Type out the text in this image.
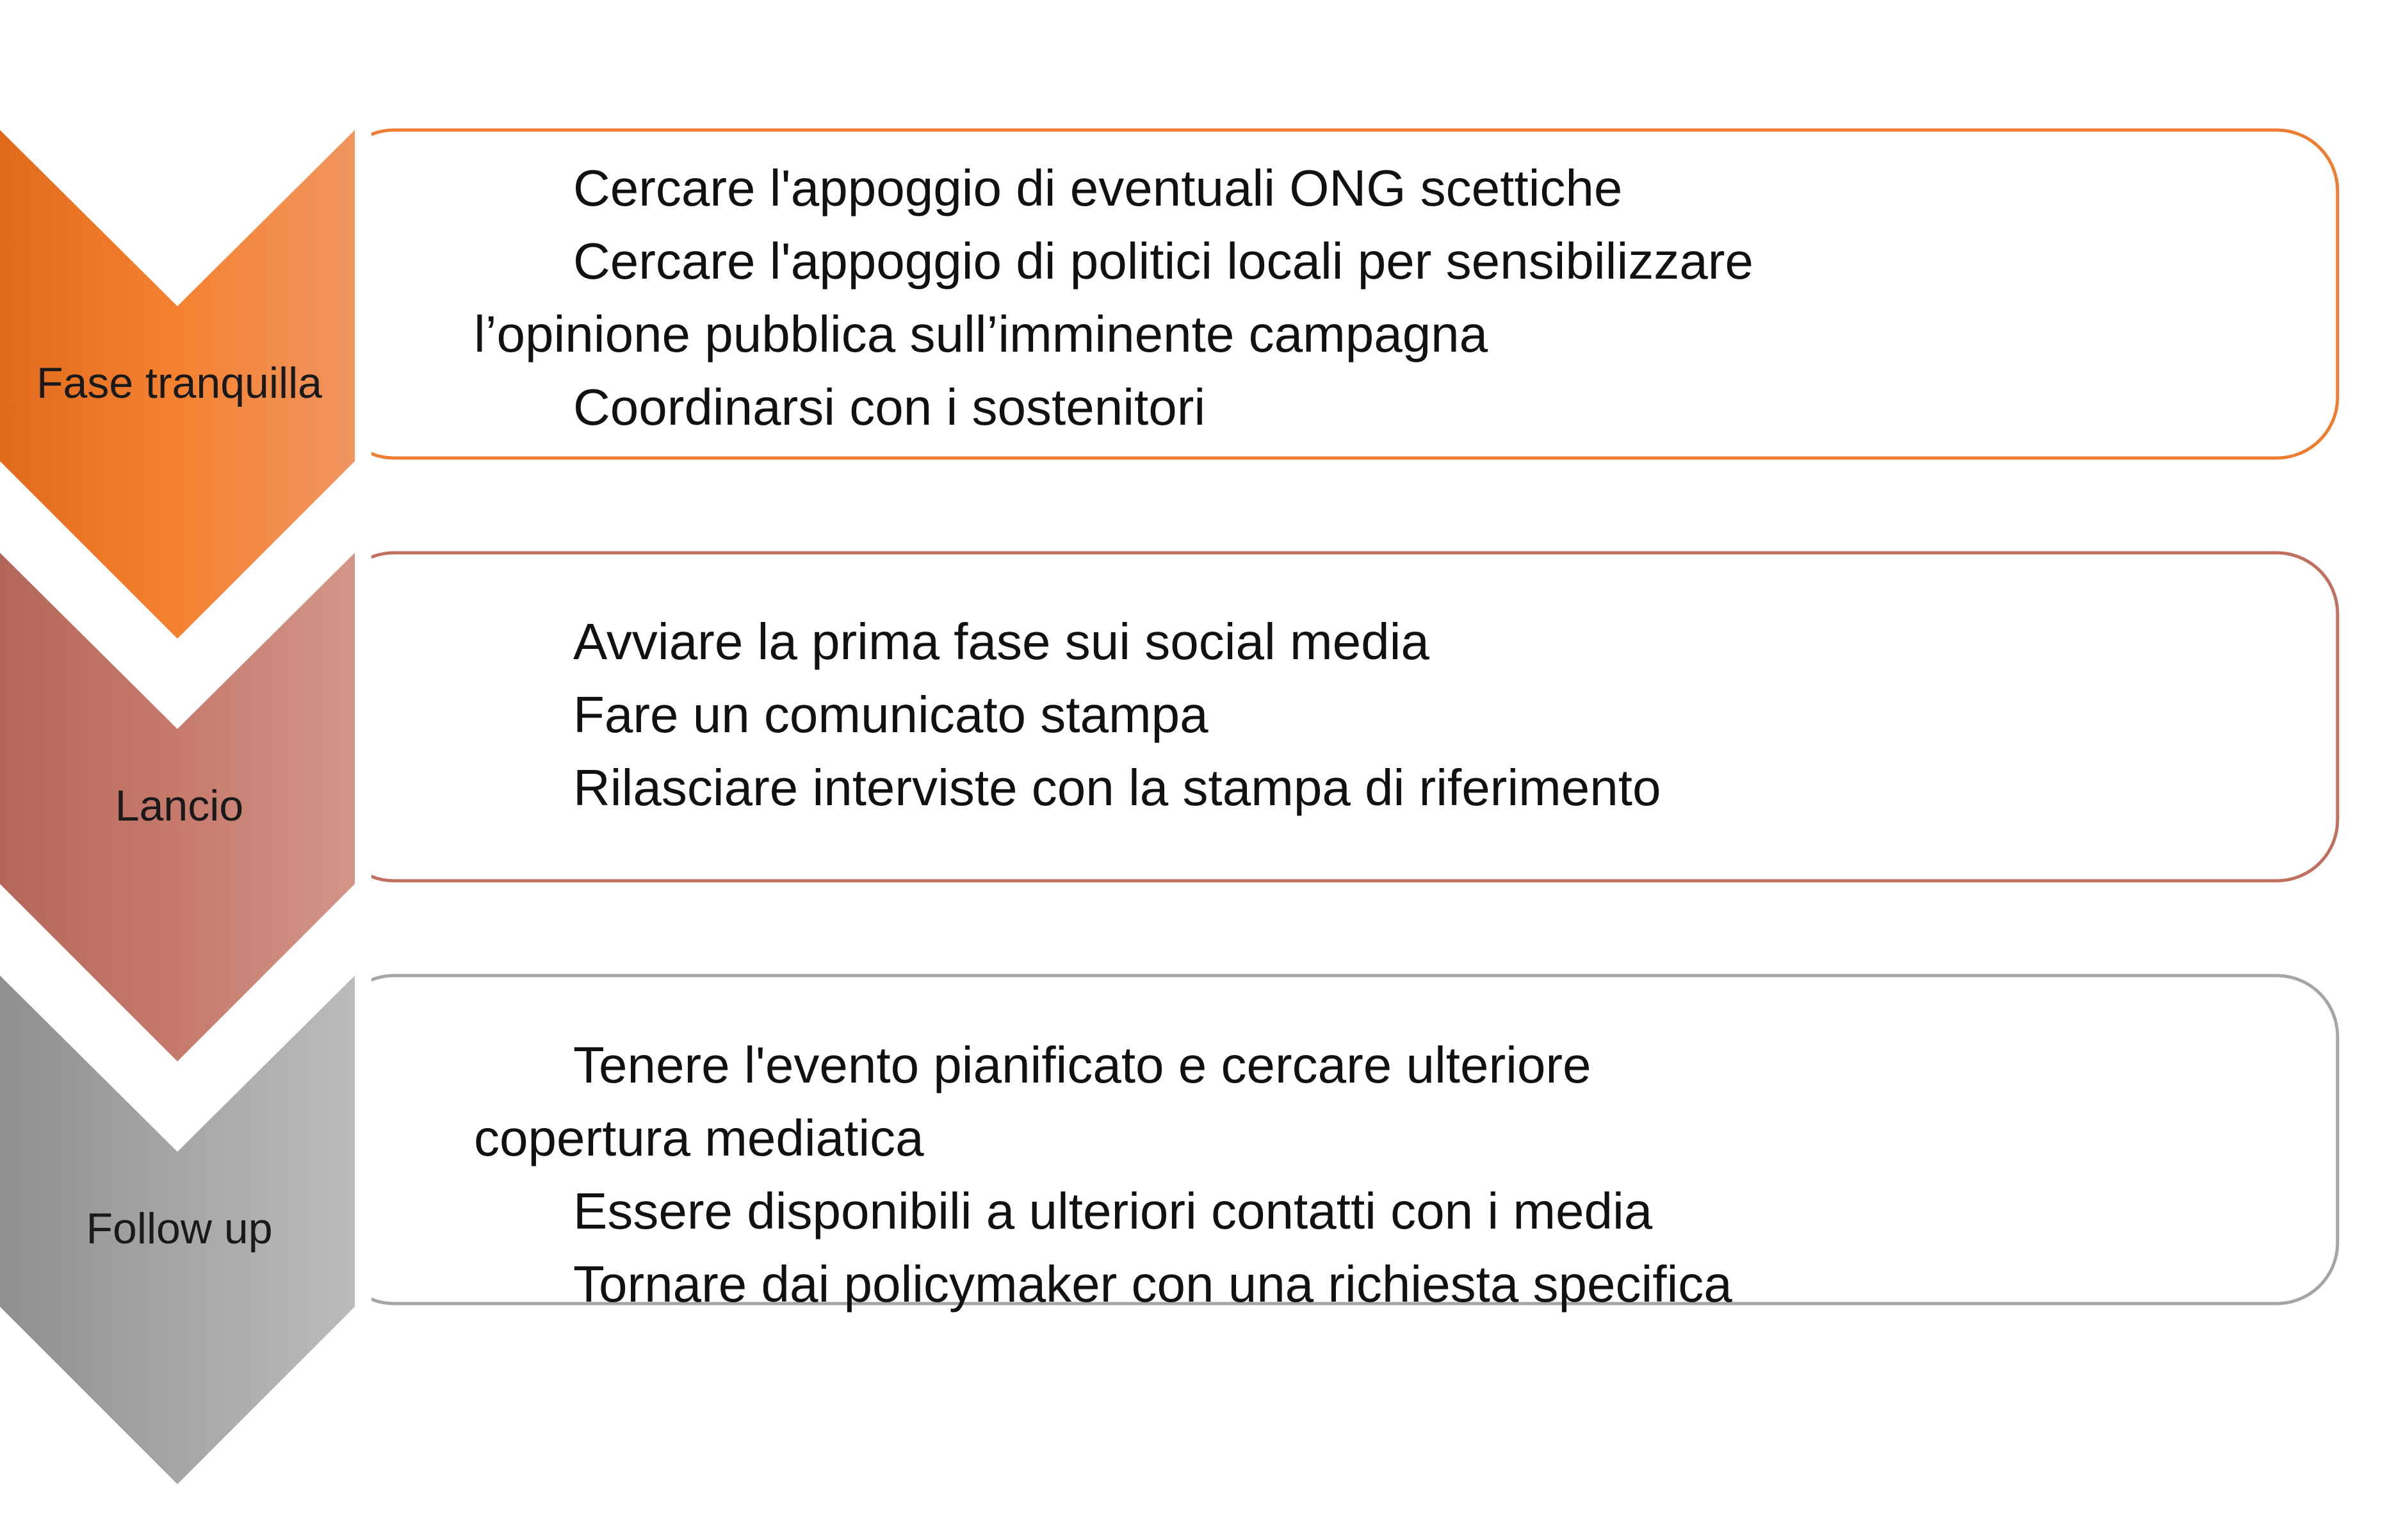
Fase tranquilla
Lancio
Follow up

Cercare l'appoggio di eventuali ONG scettiche

Cercare l'appoggio di politici locali per sensibilizzare l’opinione pubblica sull’imminente campagna

Coordinarsi con i sostenitori

Avviare la prima fase sui social media

Fare un comunicato stampa

Rilasciare interviste con la stampa di riferimento

Tenere l'evento pianificato e cercare ulteriore copertura mediatica

Essere disponibili a ulteriori contatti con i media

Tornare dai policymaker con una richiesta specifica
